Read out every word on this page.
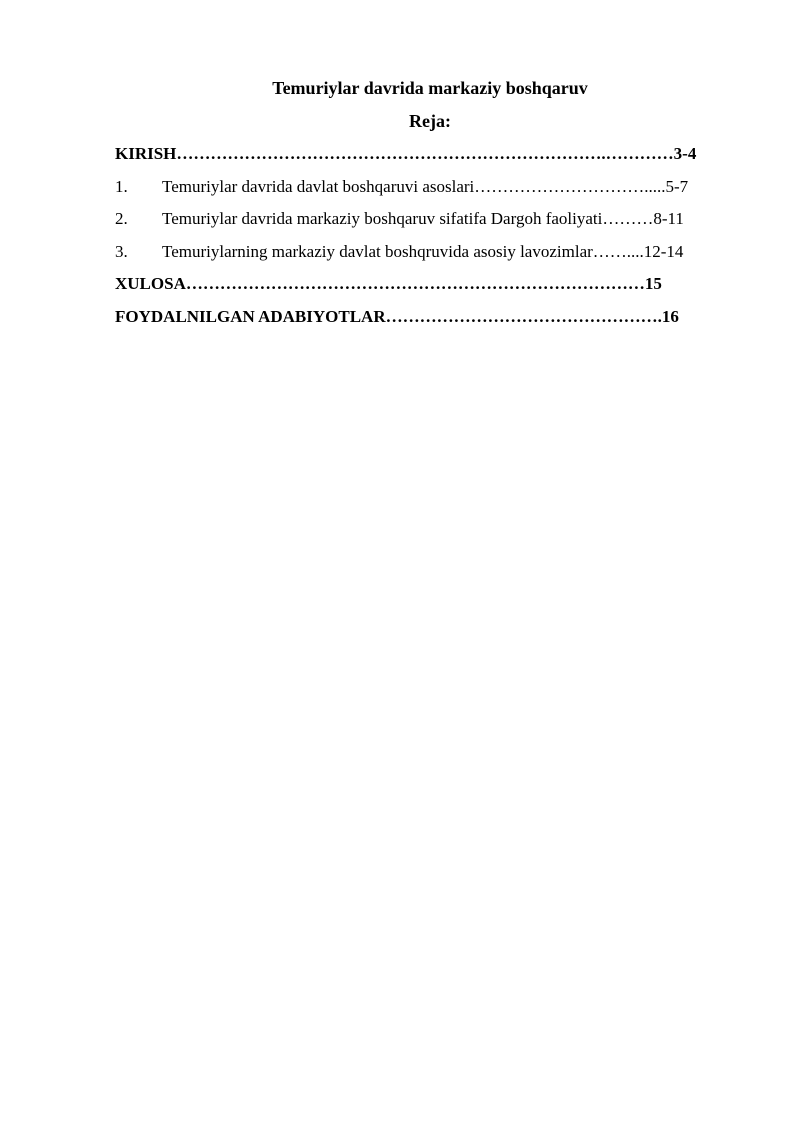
Temuriylar davrida markaziy boshqaruv
Reja:
KIRISH………………………………………………………………….…………3-4
1. Temuriylar davrida davlat boshqaruvi asoslari………………………….....5-7
2. Temuriylar davrida markaziy boshqaruv sifatifa Dargoh faoliyati………8-11
3. Temuriylarning markaziy davlat boshqruvida asosiy lavozimlar……....12-14
XULOSA………………………………………………………………………15
FOYDALNILGAN ADABIYOTLAR………………………………………….16
